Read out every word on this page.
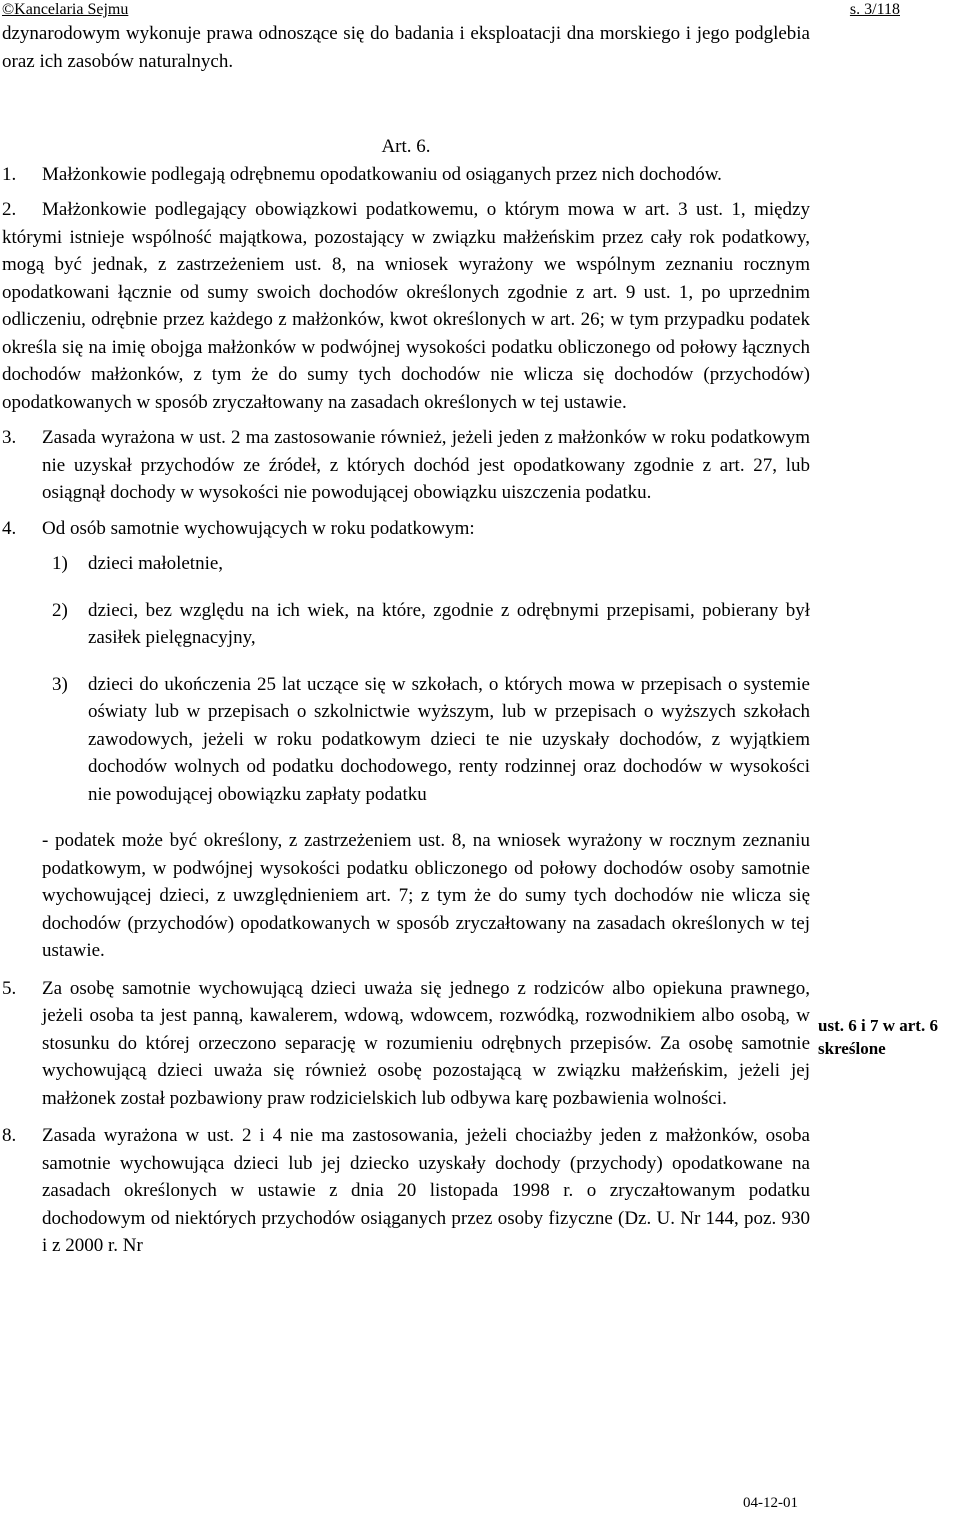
©Kancelaria Sejmu	s. 3/118

dzynarodowym wykonuje prawa odnoszące się do badania i eksploatacji dna morskiego i jego podglebia oraz ich zasobów naturalnych.

Art. 6.

1. Małżonkowie podlegają odrębnemu opodatkowaniu od osiąganych przez nich dochodów.

2. Małżonkowie podlegający obowiązkowi podatkowemu, o którym mowa w art. 3 ust. 1, między którymi istnieje wspólność majątkowa, pozostający w związku małżeńskim przez cały rok podatkowy, mogą być jednak, z zastrzeżeniem ust. 8, na wniosek wyrażony we wspólnym zeznaniu rocznym opodatkowani łącznie od sumy swoich dochodów określonych zgodnie z art. 9 ust. 1, po uprzednim odliczeniu, odrębnie przez każdego z małżonków, kwot określonych w art. 26; w tym przypadku podatek określa się na imię obojga małżonków w podwójnej wysokości podatku obliczonego od połowy łącznych dochodów małżonków, z tym że do sumy tych dochodów nie wlicza się dochodów (przychodów) opodatkowanych w sposób zryczałtowany na zasadach określonych w tej ustawie.

3. Zasada wyrażona w ust. 2 ma zastosowanie również, jeżeli jeden z małżonków w roku podatkowym nie uzyskał przychodów ze źródeł, z których dochód jest opodatkowany zgodnie z art. 27, lub osiągnął dochody w wysokości nie powodującej obowiązku uiszczenia podatku.

4. Od osób samotnie wychowujących w roku podatkowym:

1) dzieci małoletnie,

2) dzieci, bez względu na ich wiek, na które, zgodnie z odrębnymi przepisami, pobierany był zasiłek pielęgnacyjny,

3) dzieci do ukończenia 25 lat uczące się w szkołach, o których mowa w przepisach o systemie oświaty lub w przepisach o szkolnictwie wyższym, lub w przepisach o wyższych szkołach zawodowych, jeżeli w roku podatkowym dzieci te nie uzyskały dochodów, z wyjątkiem dochodów wolnych od podatku dochodowego, renty rodzinnej oraz dochodów w wysokości nie powodującej obowiązku zapłaty podatku

- podatek może być określony, z zastrzeżeniem ust. 8, na wniosek wyrażony w rocznym zeznaniu podatkowym, w podwójnej wysokości podatku obliczonego od połowy dochodów osoby samotnie wychowującej dzieci, z uwzględnieniem art. 7; z tym że do sumy tych dochodów nie wlicza się dochodów (przychodów) opodatkowanych w sposób zryczałtowany na zasadach określonych w tej ustawie.

5. Za osobę samotnie wychowującą dzieci uważa się jednego z rodziców albo opiekuna prawnego, jeżeli osoba ta jest panną, kawalerem, wdową, wdowcem, rozwódką, rozwodnikiem albo osobą, w stosunku do której orzeczono separację w rozumieniu odrębnych przepisów. Za osobę samotnie wychowującą dzieci uważa się również osobę pozostającą w związku małżeńskim, jeżeli jej małżonek został pozbawiony praw rodzicielskich lub odbywa karę pozbawienia wolności.

8. Zasada wyrażona w ust. 2 i 4 nie ma zastosowania, jeżeli chociażby jeden z małżonków, osoba samotnie wychowująca dzieci lub jej dziecko uzyskały dochody (przychody) opodatkowane na zasadach określonych w ustawie z dnia 20 listopada 1998 r. o zryczałtowanym podatku dochodowym od niektórych przychodów osiąganych przez osoby fizyczne (Dz. U. Nr 144, poz. 930 i z 2000 r. Nr

ust. 6 i 7 w art. 6 skreślone
04-12-01
